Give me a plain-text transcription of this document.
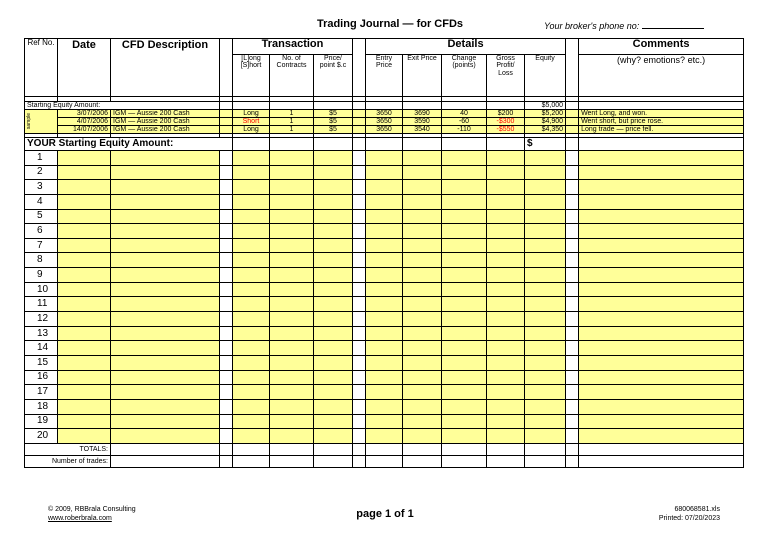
Trading Journal — for CFDs	Your broker's phone no:
Ref No.	Date	CFD Description		Transaction				Details						Comments
				[L]ong [S]hort	No. of Contracts	Price/ point $.c		Entry Price	Exit Price	Change (points)	Gross Profit/ Loss	Equity		(why? emotions? etc.)

Starting Equity Amount:												$5,000		

sample	3/07/2006	IGM — Aussie 200 Cash		Long	1	$5		3650	3690	40	$200	$5,200		Went Long, and won.
	4/07/2006	IGM — Aussie 200 Cash		Short	1	$5		3650	3590	-60	-$300	$4,900		Went short, but price rose.
	14/07/2006	IGM — Aussie 200 Cash		Long	1	$5		3650	3540	-110	-$550	$4,350		Long trade — price fell.

YOUR Starting Equity Amount:												$		
1														
2														
3														
4														
5														
6														
7														
8														
9														
10														
11														
12														
13														
14														
15														
16														
17														
18														
19														
20														
TOTALS:														
Number of trades:														
© 2009, RBBrala Consulting
www.roberbrala.com	page 1 of 1	680068581.xls
Printed: 07/20/2023
